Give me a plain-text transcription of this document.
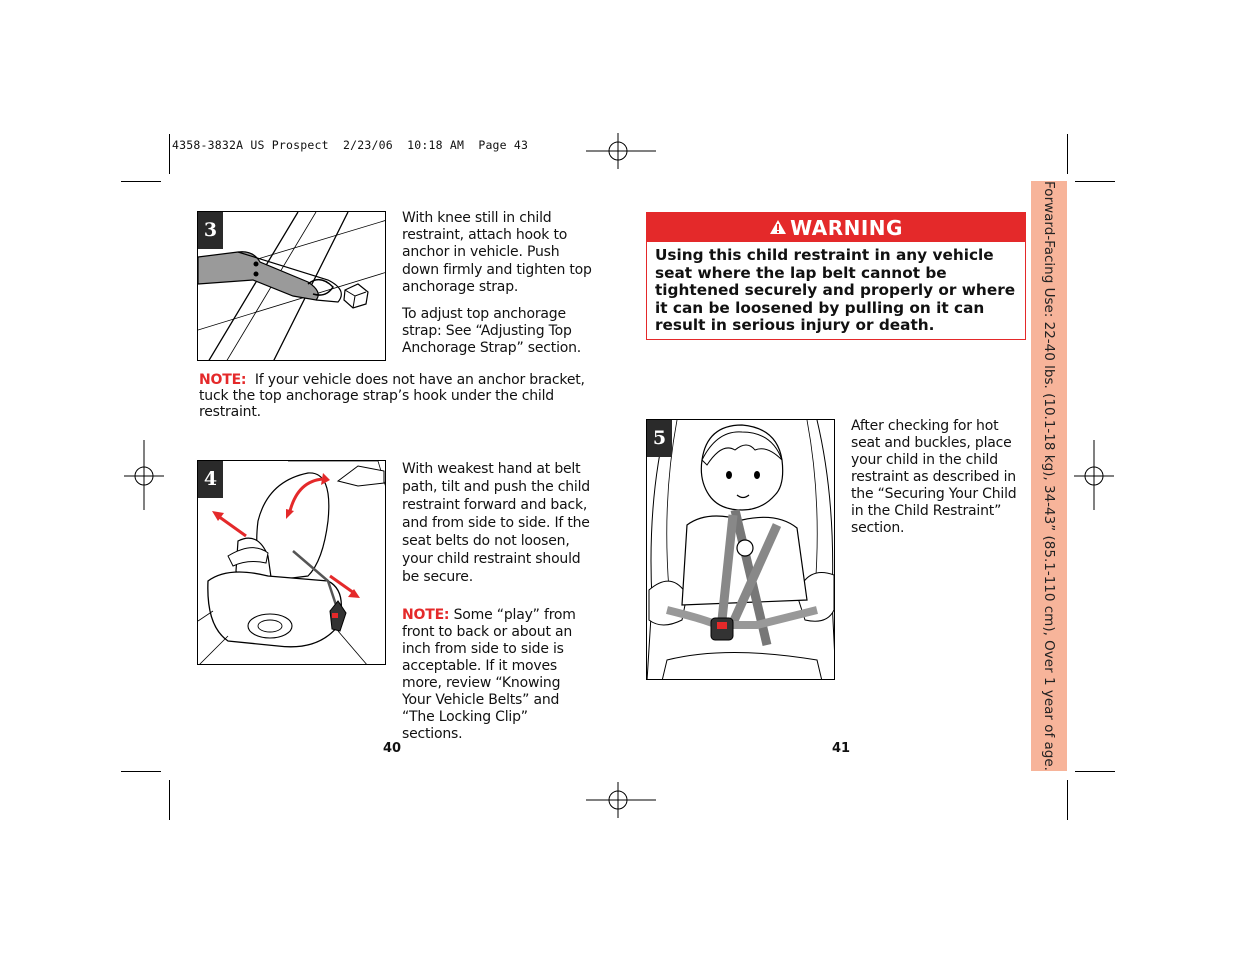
4358-3832A US Prospect  2/23/06  10:18 AM  Page 43
Forward-Facing Use: 22-40 lbs. (10.1-18 kg), 34-43” (85.1-110 cm), Over 1 year of age.
3

With knee still in child restraint, attach hook to anchor in vehicle. Push down firmly and tighten top anchorage strap.

To adjust top anchorage strap: See “Adjusting Top Anchorage Strap” section.

NOTE: If your vehicle does not have an anchor bracket, tuck the top anchorage strap’s hook under the child restraint.
4	With weakest hand at belt path, tilt and push the child restraint forward and back, and from side to side. If the seat belts do not loosen, your child restraint should be secure.

NOTE: Some “play” from front to back or about an inch from side to side is acceptable. If it moves more, review “Knowing Your Vehicle Belts” and “The Locking Clip” sections.
40
WARNING
Using this child restraint in any vehicle seat where the lap belt cannot be tightened securely and properly or where it can be loosened by pulling on it can result in serious injury or death.
5

After checking for hot seat and buckles, place your child in the child restraint as described in the “Securing Your Child in the Child Restraint” section.

41
